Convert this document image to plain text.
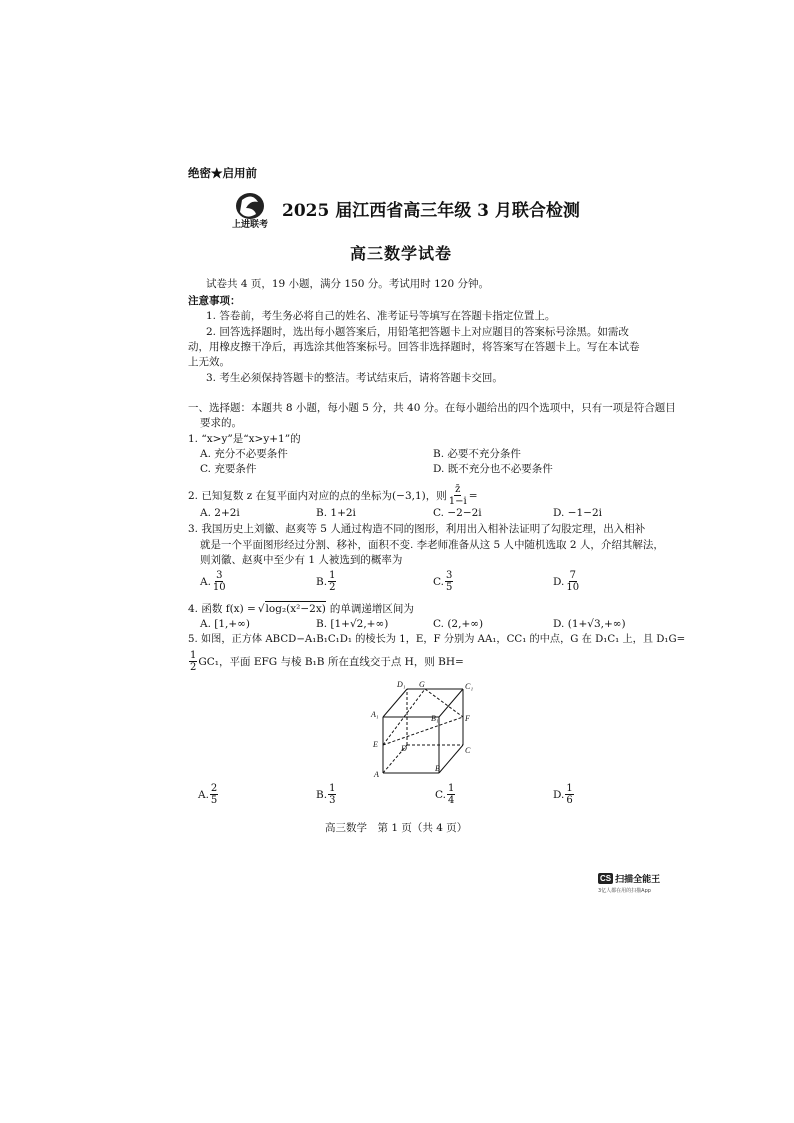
绝密★启用前
上进联考
2025 届江西省高三年级 3 月联合检测
高三数学试卷
试卷共 4 页，19 小题，满分 150 分。考试用时 120 分钟。
注意事项：
1. 答卷前，考生务必将自己的姓名、准考证号等填写在答题卡指定位置上。
2. 回答选择题时，选出每小题答案后，用铅笔把答题卡上对应题目的答案标号涂黑。如需改
动，用橡皮擦干净后，再选涂其他答案标号。回答非选择题时，将答案写在答题卡上。写在本试卷
上无效。
3. 考生必须保持答题卡的整洁。考试结束后，请将答题卡交回。
一、选择题：本题共 8 小题，每小题 5 分，共 40 分。在每小题给出的四个选项中，只有一项是符合题目
要求的。
1. “x>y”是“x>y+1”的
A. 充分不必要条件	B. 必要不充分条件
C. 充要条件	D. 既不充分也不必要条件
2. 已知复数 z 在复平面内对应的点的坐标为(−3,1)，则 $\frac{z̄}{1-i}$ =
A. 2+2i	B. 1+2i	C. −2−2i	D. −1−2i
3. 我国历史上刘徽、赵爽等 5 人通过构造不同的图形，利用出入相补法证明了勾股定理，出入相补
就是一个平面图形经过分割、移补，面积不变. 李老师准备从这 5 人中随机选取 2 人，介绍其解法，
则刘徽、赵爽中至少有 1 人被选到的概率为
A. $\frac{3}{10}$	B. $\frac{1}{2}$	C. $\frac{3}{5}$	D. $\frac{7}{10}$
4. 函数 f(x) = √ log₂(x²−2x) 的单调递增区间为
A. [1,+∞)	B. [1+√2,+∞)	C. (2,+∞)	D. (1+√3,+∞)
5. 如图，正方体 ABCD−A₁B₁C₁D₁ 的棱长为 1，E，F 分别为 AA₁，CC₁ 的中点，G 在 D₁C₁ 上，且 D₁G=
$\frac{1}{2} GC_1$，平面 EFG 与棱 B₁B 所在直线交于点 H，则 BH=
D₁ G	C₁
A₁	B₁	F
E	D	C
A
B
A. $\frac{2}{5}$	B. $\frac{1}{3}$	C. $\frac{1}{4}$	D. $\frac{1}{6}$
高三数学　第 1 页（共 4 页）
CS 扫描全能王
3亿人都在用的扫描App
